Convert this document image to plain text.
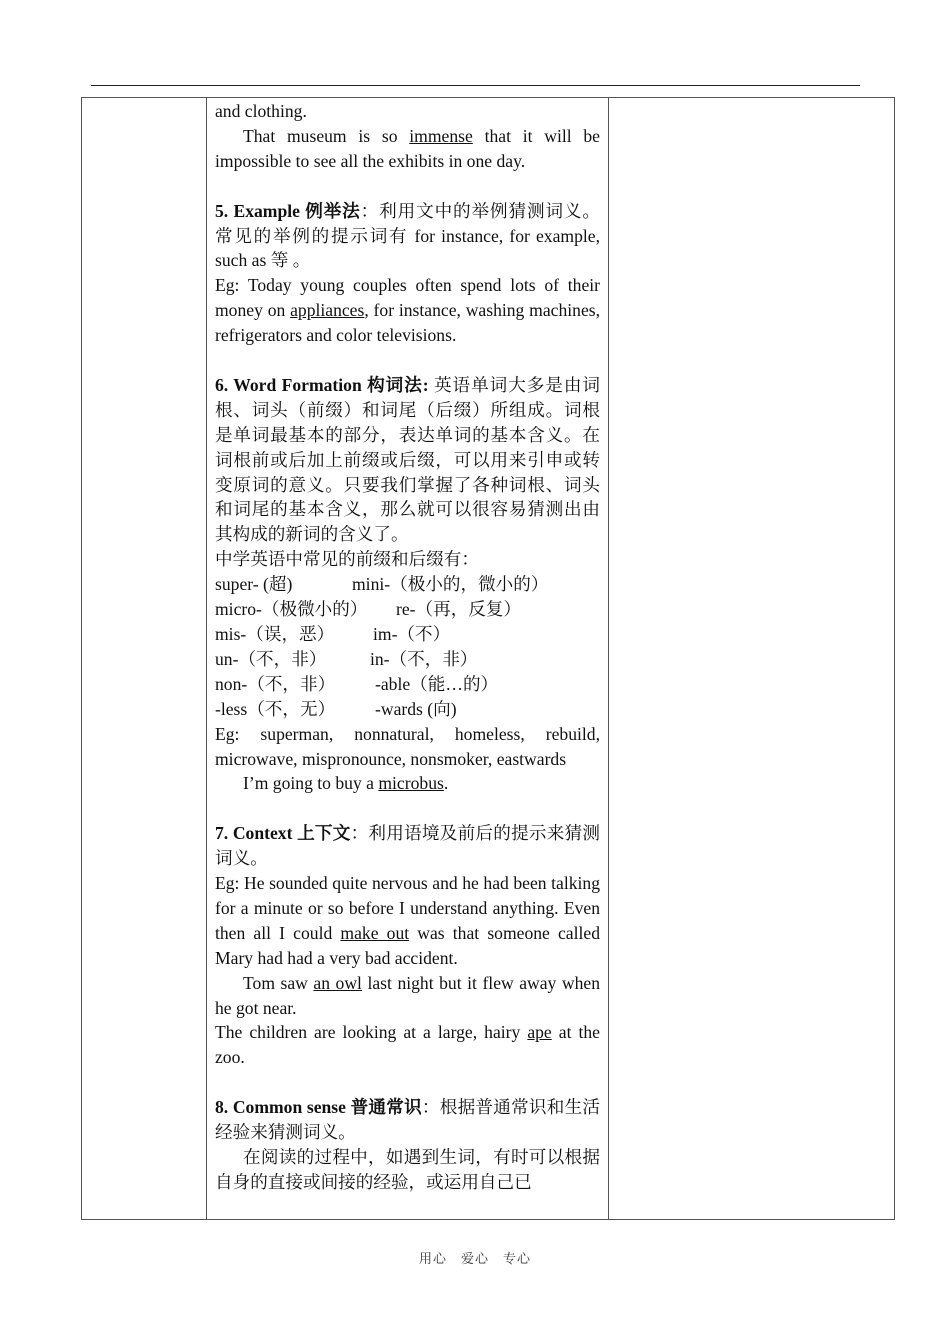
and clothing.

That museum is so immense that it will be impossible to see all the exhibits in one day.

5. Example 例举法：利用文中的举例猜测词义。常见的举例的提示词有 for instance, for example, such as 等 。

Eg: Today young couples often spend lots of their money on appliances, for instance, washing machines, refrigerators and color televisions.

6. Word Formation 构词法: 英语单词大多是由词根、词头（前缀）和词尾（后缀）所组成。词根是单词最基本的部分，表达单词的基本含义。在词根前或后加上前缀或后缀，可以用来引申或转变原词的意义。只要我们掌握了各种词根、词头和词尾的基本含义，那么就可以很容易猜测出由其构成的新词的含义了。

中学英语中常见的前缀和后缀有：

super- (超)	mini-（极小的，微小的）
micro-（极微小的）	re-（再，反复）
mis-（误，恶）	im-（不）
un-（不，非）	in-（不，非）
non-（不，非）	-able（能…的）
-less（不，无）	-wards (向)

Eg: superman, nonnatural, homeless, rebuild, microwave, mispronounce, nonsmoker, eastwards

I’m going to buy a microbus.

7. Context 上下文：利用语境及前后的提示来猜测词义。

Eg: He sounded quite nervous and he had been talking for a minute or so before I understand anything. Even then all I could make out was that someone called Mary had had a very bad accident.

Tom saw an owl last night but it flew away when he got near.

The children are looking at a large, hairy ape at the zoo.

8. Common sense 普通常识：根据普通常识和生活经验来猜测词义。

在阅读的过程中，如遇到生词，有时可以根据自身的直接或间接的经验，或运用自己已

用心　爱心　专心
